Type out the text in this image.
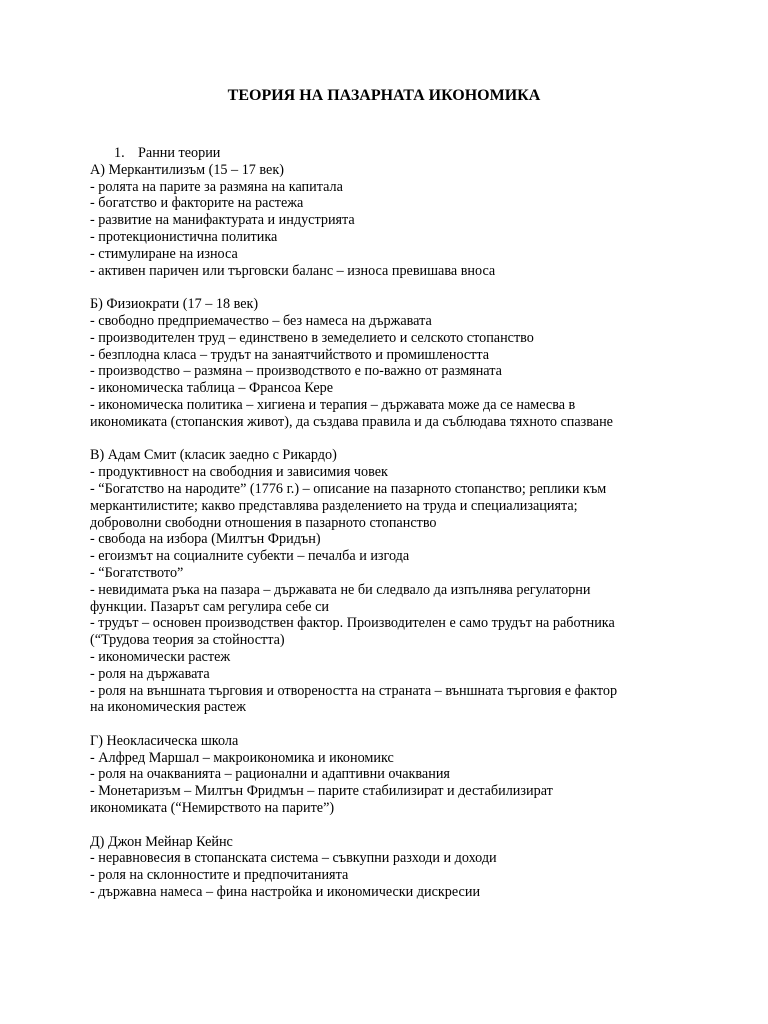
ТЕОРИЯ НА ПАЗАРНАТА ИКОНОМИКА
1. Ранни теории
А) Меркантилизъм (15 – 17 век)
- ролята на парите за размяна на капитала
- богатство и факторите на растежа
- развитие на манифактурата и индустрията
- протекционистична политика
- стимулиране на износа
- активен паричен или търговски баланс – износа превишава вноса
Б) Физиократи (17 – 18 век)
- свободно предприемачество – без намеса на държавата
- производителен труд – единствено в земеделието и селското стопанство
- безплодна класа – трудът на занаятчийството и промишлеността
- производство – размяна – производството е по-важно от размяната
- икономическа таблица – Франсоа Кере
- икономическа политика – хигиена и терапия – държавата може да се намесва в
икономиката (стопанския живот), да създава правила и да съблюдава тяхното спазване
В) Адам Смит (класик заедно с Рикардо)
- продуктивност на свободния и зависимия човек
- “Богатство на народите” (1776 г.) – описание на пазарното стопанство; реплики към
меркантилистите; какво представлява разделението на труда и специализацията;
доброволни свободни отношения в пазарното стопанство
- свобода на избора (Милтън Фридън)
- егоизмът на социалните субекти – печалба и изгода
- “Богатството”
- невидимата ръка на пазара – държавата не би следвало да изпълнява регулаторни
функции. Пазарът сам регулира себе си
- трудът – основен производствен фактор. Производителен е само трудът на работника
(“Трудова теория за стойността)
- икономически растеж
- роля на държавата
- роля на външната търговия и отвореността на страната – външната търговия е фактор
на икономическия растеж
Г) Неокласическа школа
- Алфред Маршал – макроикономика и икономикс
- роля на очакванията – рационални и адаптивни очаквания
- Монетаризъм – Милтън Фридмън – парите стабилизират и дестабилизират
икономиката (“Немирството на парите”)
Д) Джон Мейнар Кейнс
- неравновесия в стопанската система – съвкупни разходи и доходи
- роля на склонностите и предпочитанията
- държавна намеса – фина настройка и икономически дискресии
